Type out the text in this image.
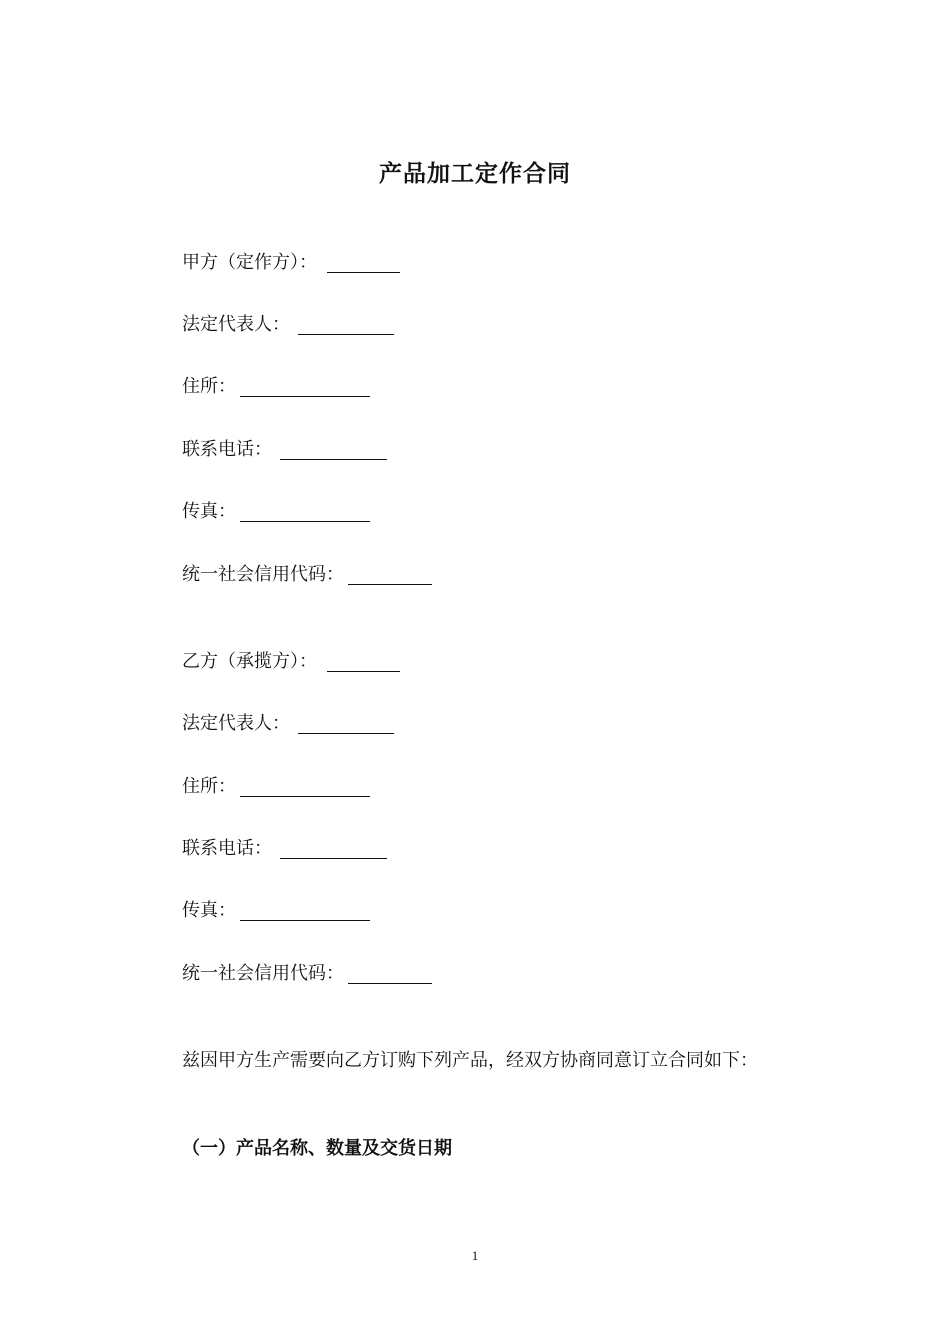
产品加工定作合同
甲方（定作方）：
法定代表人：
住所：
联系电话：
传真：
统一社会信用代码：
乙方（承揽方）：
法定代表人：
住所：
联系电话：
传真：
统一社会信用代码：
兹因甲方生产需要向乙方订购下列产品，经双方协商同意订立合同如下：
（一）产品名称、数量及交货日期
1
